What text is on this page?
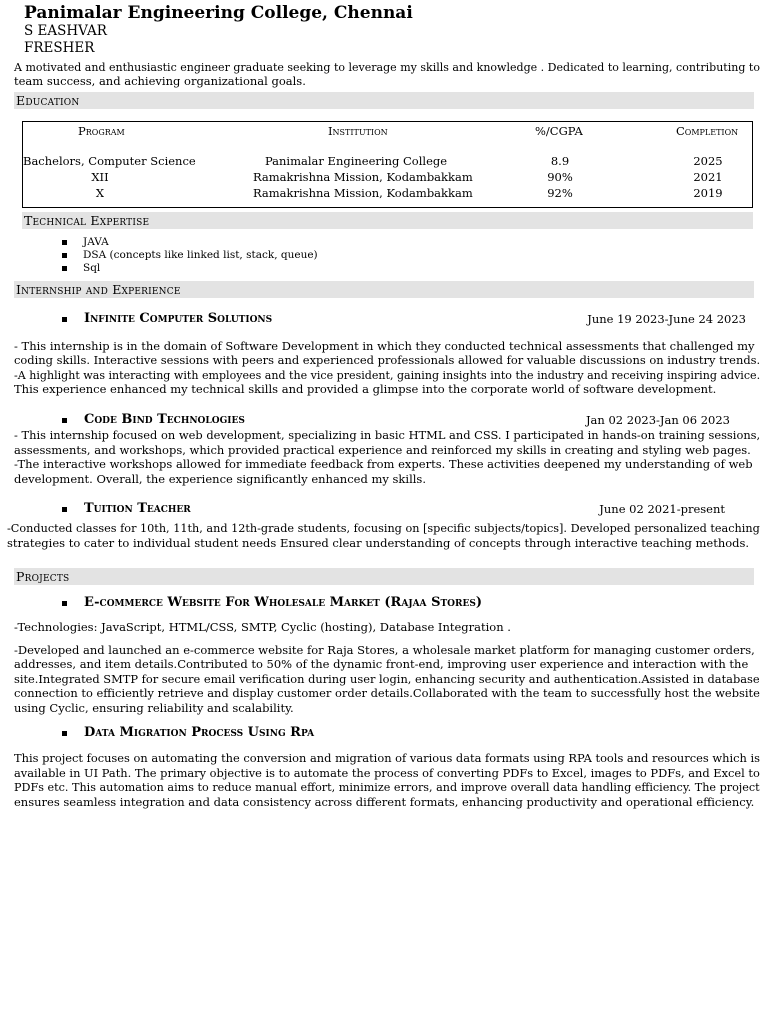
Panimalar Engineering College, Chennai
S EASHVAR
FRESHER
A motivated and enthusiastic engineer graduate seeking to leverage my skills and knowledge . Dedicated to learning, contributing to
team success, and achieving organizational goals.
Education
Program	Institution	%/CGPA	Completion
Bachelors, Computer Science	Panimalar Engineering College	8.9	2025
XII	Ramakrishna Mission, Kodambakkam	90%	2021
X	Ramakrishna Mission, Kodambakkam	92%	2019
Technical Expertise
JAVA
DSA (concepts like linked list, stack, queue)
Sql
Internship and Experience
Infinite Computer Solutions	June 19 2023-June 24 2023
- This internship is in the domain of Software Development in which they conducted technical assessments that challenged my
coding skills. Interactive sessions with peers and experienced professionals allowed for valuable discussions on industry trends.
-A highlight was interacting with employees and the vice president, gaining insights into the industry and receiving inspiring advice.
This experience enhanced my technical skills and provided a glimpse into the corporate world of software development.
Code Bind Technologies	Jan 02 2023-Jan 06 2023
- This internship focused on web development, specializing in basic HTML and CSS. I participated in hands-on training sessions,
assessments, and workshops, which provided practical experience and reinforced my skills in creating and styling web pages.
-The interactive workshops allowed for immediate feedback from experts. These activities deepened my understanding of web
development. Overall, the experience significantly enhanced my skills.
Tuition Teacher	June 02 2021-present
-Conducted classes for 10th, 11th, and 12th-grade students, focusing on [specific subjects/topics]. Developed personalized teaching
strategies to cater to individual student needs Ensured clear understanding of concepts through interactive teaching methods.
Projects
E-commerce Website For Wholesale Market (Rajaa Stores)
-Technologies: JavaScript, HTML/CSS, SMTP, Cyclic (hosting), Database Integration .
-Developed and launched an e-commerce website for Raja Stores, a wholesale market platform for managing customer orders,
addresses, and item details.Contributed to 50% of the dynamic front-end, improving user experience and interaction with the
site.Integrated SMTP for secure email verification during user login, enhancing security and authentication.Assisted in database
connection to efficiently retrieve and display customer order details.Collaborated with the team to successfully host the website
using Cyclic, ensuring reliability and scalability.
Data Migration Process Using Rpa
This project focuses on automating the conversion and migration of various data formats using RPA tools and resources which is
available in UI Path. The primary objective is to automate the process of converting PDFs to Excel, images to PDFs, and Excel to
PDFs etc. This automation aims to reduce manual effort, minimize errors, and improve overall data handling efficiency. The project
ensures seamless integration and data consistency across different formats, enhancing productivity and operational efficiency.
